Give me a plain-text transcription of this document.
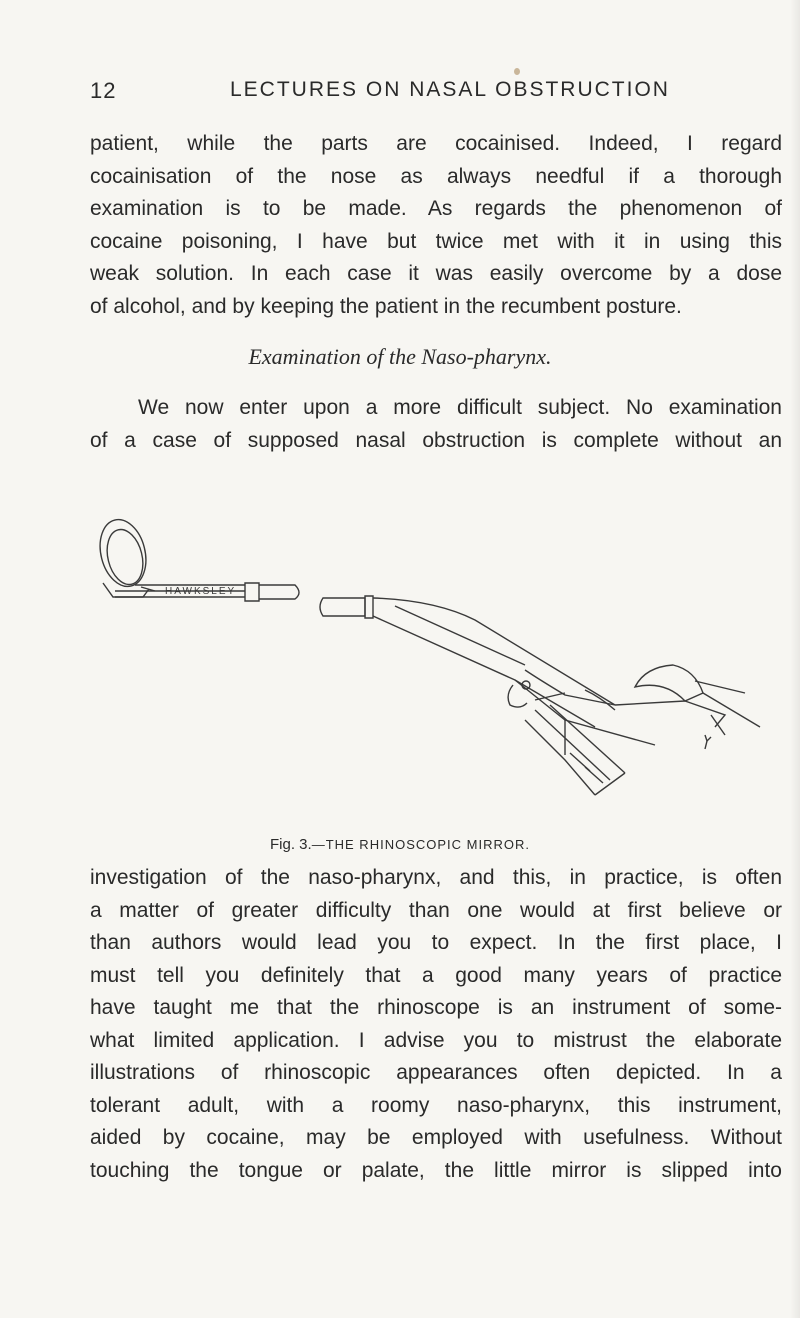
12	LECTURES ON NASAL OBSTRUCTION
patient, while the parts are cocainised. Indeed, I regard
cocainisation of the nose as always needful if a thorough
examination is to be made. As regards the phenomenon of
cocaine poisoning, I have but twice met with it in using this
weak solution. In each case it was easily overcome by a dose
of alcohol, and by keeping the patient in the recumbent posture.
Examination of the Naso-pharynx.
We now enter upon a more difficult subject. No examination
of a case of supposed nasal obstruction is complete without an
HAWKSLEY
Fig. 3.—THE RHINOSCOPIC MIRROR.
investigation of the naso-pharynx, and this, in practice, is often
a matter of greater difficulty than one would at first believe or
than authors would lead you to expect. In the first place, I
must tell you definitely that a good many years of practice
have taught me that the rhinoscope is an instrument of some-
what limited application. I advise you to mistrust the elaborate
illustrations of rhinoscopic appearances often depicted. In a
tolerant adult, with a roomy naso-pharynx, this instrument,
aided by cocaine, may be employed with usefulness. Without
touching the tongue or palate, the little mirror is slipped into
